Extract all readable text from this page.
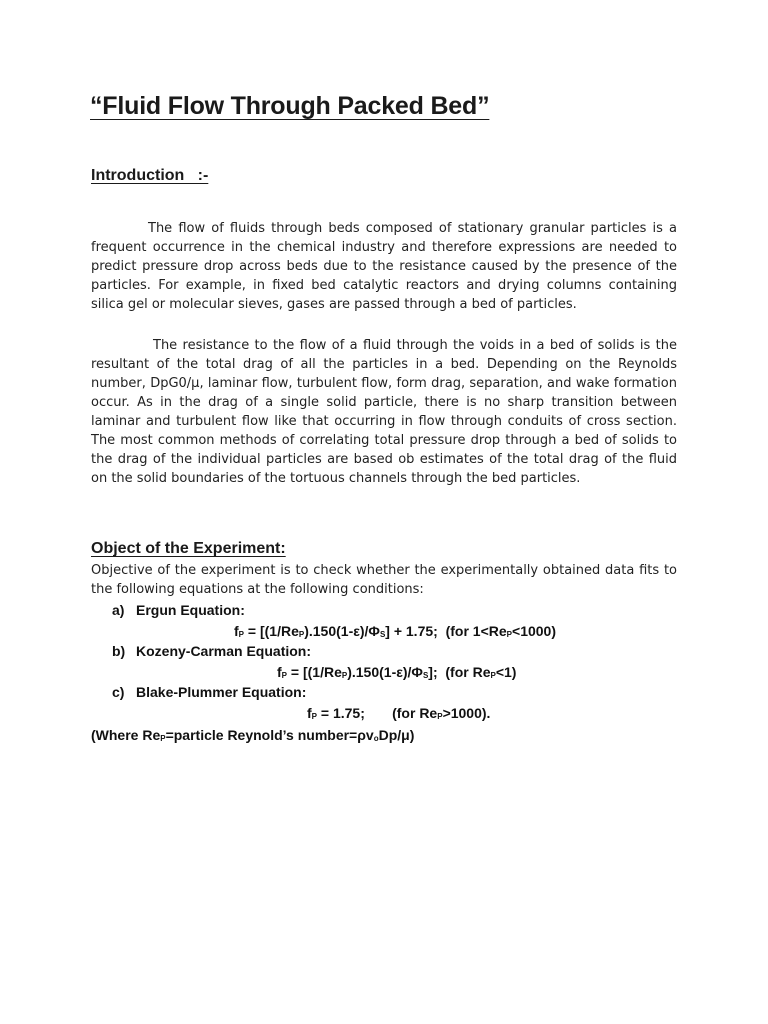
“Fluid Flow Through Packed Bed”
Introduction   :-

The flow of fluids through beds composed of stationary granular particles is a frequent occurrence in the chemical industry and therefore expressions are needed to predict pressure drop across beds due to the resistance caused by the presence of the particles. For example, in fixed bed catalytic reactors and drying columns containing silica gel or molecular sieves, gases are passed through a bed of particles.

The resistance to the flow of a fluid through the voids in a bed of solids is the resultant of the total drag of all the particles in a bed. Depending on the Reynolds number, DpG0/μ, laminar flow, turbulent flow, form drag, separation, and wake formation occur. As in the drag of a single solid particle, there is no sharp transition between laminar and turbulent flow like that occurring in flow through conduits of cross section. The most common methods of correlating total pressure drop through a bed of solids to the drag of the individual particles are based ob estimates of the total drag of the fluid on the solid boundaries of the tortuous channels through the bed particles.

Object of the Experiment:

Objective of the experiment is to check whether the experimentally obtained data fits to the following equations at the following conditions:

a) Ergun Equation:
$f_P = [(1/Re_P).150(1-\varepsilon)/\Phi_S] + 1.75$;  (for $1<Re_P<1000$)
b) Kozeny-Carman Equation:
$f_P = [(1/Re_P).150(1-\varepsilon)/\Phi_S]$;  (for $Re_P<1$)
c) Blake-Plummer Equation:
$f_P = 1.75$;       (for $Re_P>1000$).
(Where $Re_P=particle$ Reynold’s $number=\rho v_oDp/\mu$)
